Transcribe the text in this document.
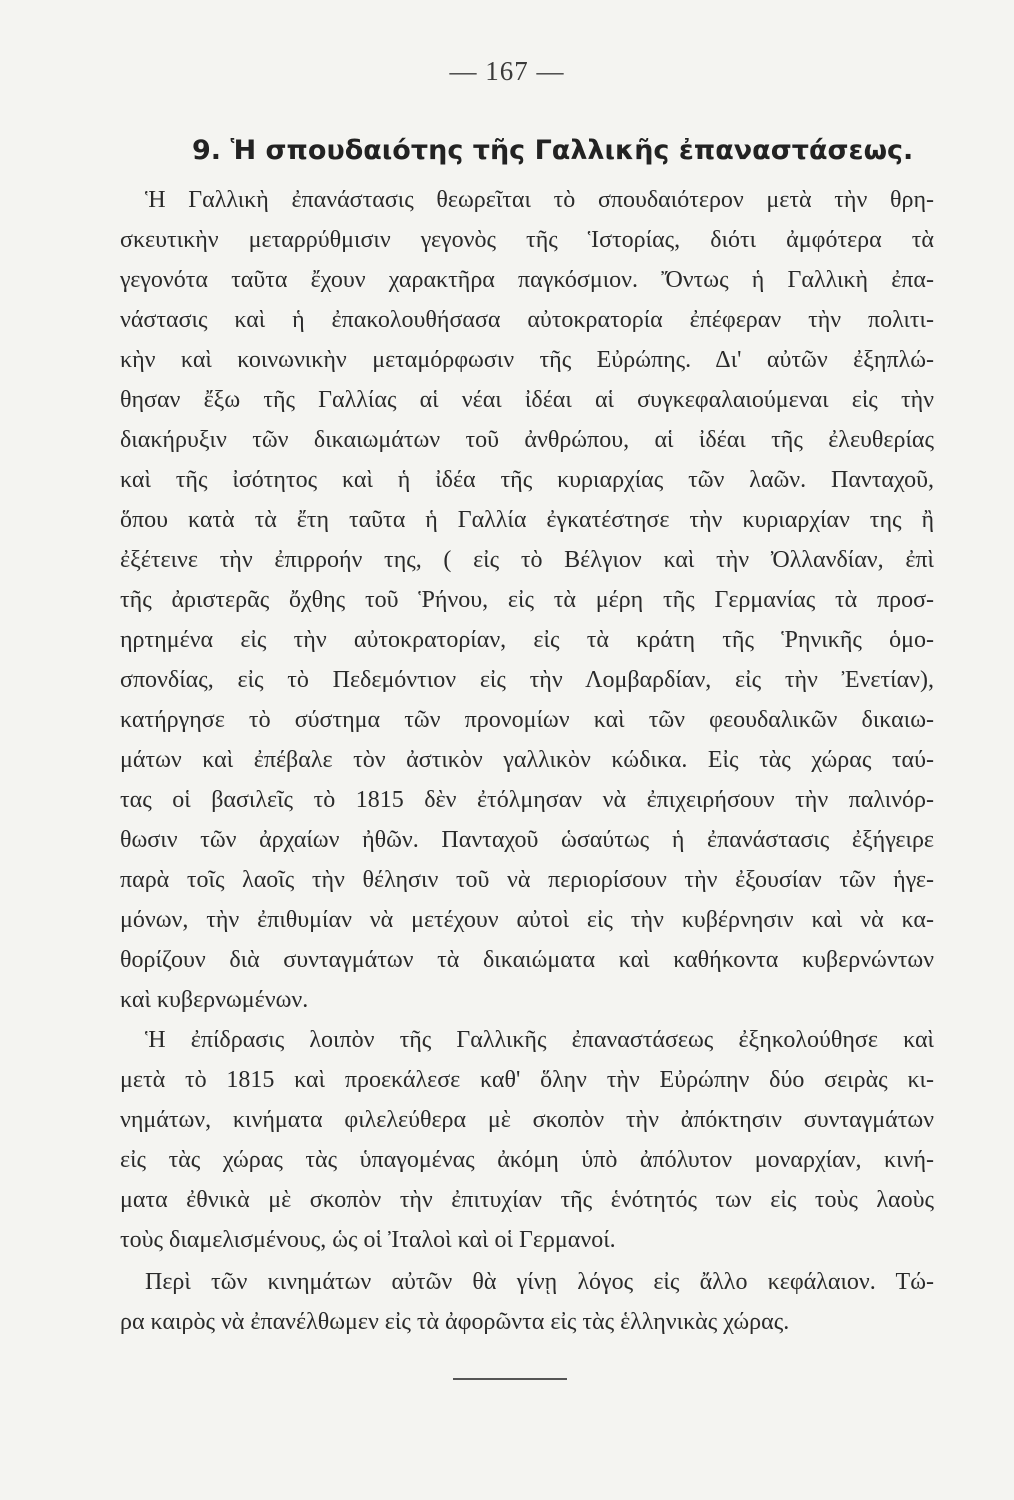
— 167 —
9. Ἡ σπουδαιότης τῆς Γαλλικῆς ἐπαναστάσεως.
Ἡ Γαλλικὴ ἐπανάστασις θεωρεῖται τὸ σπουδαιότερον μετὰ τὴν θρη-
σκευτικὴν μεταρρύθμισιν γεγονὸς τῆς Ἱστορίας, διότι ἀμφότερα τὰ
γεγονότα ταῦτα ἔχουν χαρακτῆρα παγκόσμιον. Ὄντως ἡ Γαλλικὴ ἐπα-
νάστασις καὶ ἡ ἐπακολουθήσασα αὐτοκρατορία ἐπέφεραν τὴν πολιτι-
κὴν καὶ κοινωνικὴν μεταμόρφωσιν τῆς Εὐρώπης. Δι' αὐτῶν ἐξηπλώ-
θησαν ἔξω τῆς Γαλλίας αἱ νέαι ἰδέαι αἱ συγκεφαλαιούμεναι εἰς τὴν
διακήρυξιν τῶν δικαιωμάτων τοῦ ἀνθρώπου, αἱ ἰδέαι τῆς ἐλευθερίας
καὶ τῆς ἰσότητος καὶ ἡ ἰδέα τῆς κυριαρχίας τῶν λαῶν. Πανταχοῦ,
ὅπου κατὰ τὰ ἔτη ταῦτα ἡ Γαλλία ἐγκατέστησε τὴν κυριαρχίαν της ἢ
ἐξέτεινε τὴν ἐπιρροήν της, ( εἰς τὸ Βέλγιον καὶ τὴν Ὀλλανδίαν, ἐπὶ
τῆς ἀριστερᾶς ὄχθης τοῦ Ῥήνου, εἰς τὰ μέρη τῆς Γερμανίας τὰ προσ-
ηρτημένα εἰς τὴν αὐτοκρατορίαν, εἰς τὰ κράτη τῆς Ῥηνικῆς ὁμο-
σπονδίας, εἰς τὸ Πεδεμόντιον εἰς τὴν Λομβαρδίαν, εἰς τὴν Ἐνετίαν),
κατήργησε τὸ σύστημα τῶν προνομίων καὶ τῶν φεουδαλικῶν δικαιω-
μάτων καὶ ἐπέβαλε τὸν ἀστικὸν γαλλικὸν κώδικα. Εἰς τὰς χώρας ταύ-
τας οἱ βασιλεῖς τὸ 1815 δὲν ἐτόλμησαν νὰ ἐπιχειρήσουν τὴν παλινόρ-
θωσιν τῶν ἀρχαίων ἠθῶν. Πανταχοῦ ὡσαύτως ἡ ἐπανάστασις ἐξήγειρε
παρὰ τοῖς λαοῖς τὴν θέλησιν τοῦ νὰ περιορίσουν τὴν ἐξουσίαν τῶν ἡγε-
μόνων, τὴν ἐπιθυμίαν νὰ μετέχουν αὐτοὶ εἰς τὴν κυβέρνησιν καὶ νὰ κα-
θορίζουν διὰ συνταγμάτων τὰ δικαιώματα καὶ καθήκοντα κυβερνώντων
καὶ κυβερνωμένων.
Ἡ ἐπίδρασις λοιπὸν τῆς Γαλλικῆς ἐπαναστάσεως ἐξηκολούθησε καὶ
μετὰ τὸ 1815 καὶ προεκάλεσε καθ' ὅλην τὴν Εὐρώπην δύο σειρὰς κι-
νημάτων, κινήματα φιλελεύθερα μὲ σκοπὸν τὴν ἀπόκτησιν συνταγμάτων
εἰς τὰς χώρας τὰς ὑπαγομένας ἀκόμη ὑπὸ ἀπόλυτον μοναρχίαν, κινή-
ματα ἐθνικὰ μὲ σκοπὸν τὴν ἐπιτυχίαν τῆς ἑνότητός των εἰς τοὺς λαοὺς
τοὺς διαμελισμένους, ὡς οἱ Ἰταλοὶ καὶ οἱ Γερμανοί.
Περὶ τῶν κινημάτων αὐτῶν θὰ γίνῃ λόγος εἰς ἄλλο κεφάλαιον. Τώ-
ρα καιρὸς νὰ ἐπανέλθωμεν εἰς τὰ ἀφορῶντα εἰς τὰς ἑλληνικὰς χώρας.
